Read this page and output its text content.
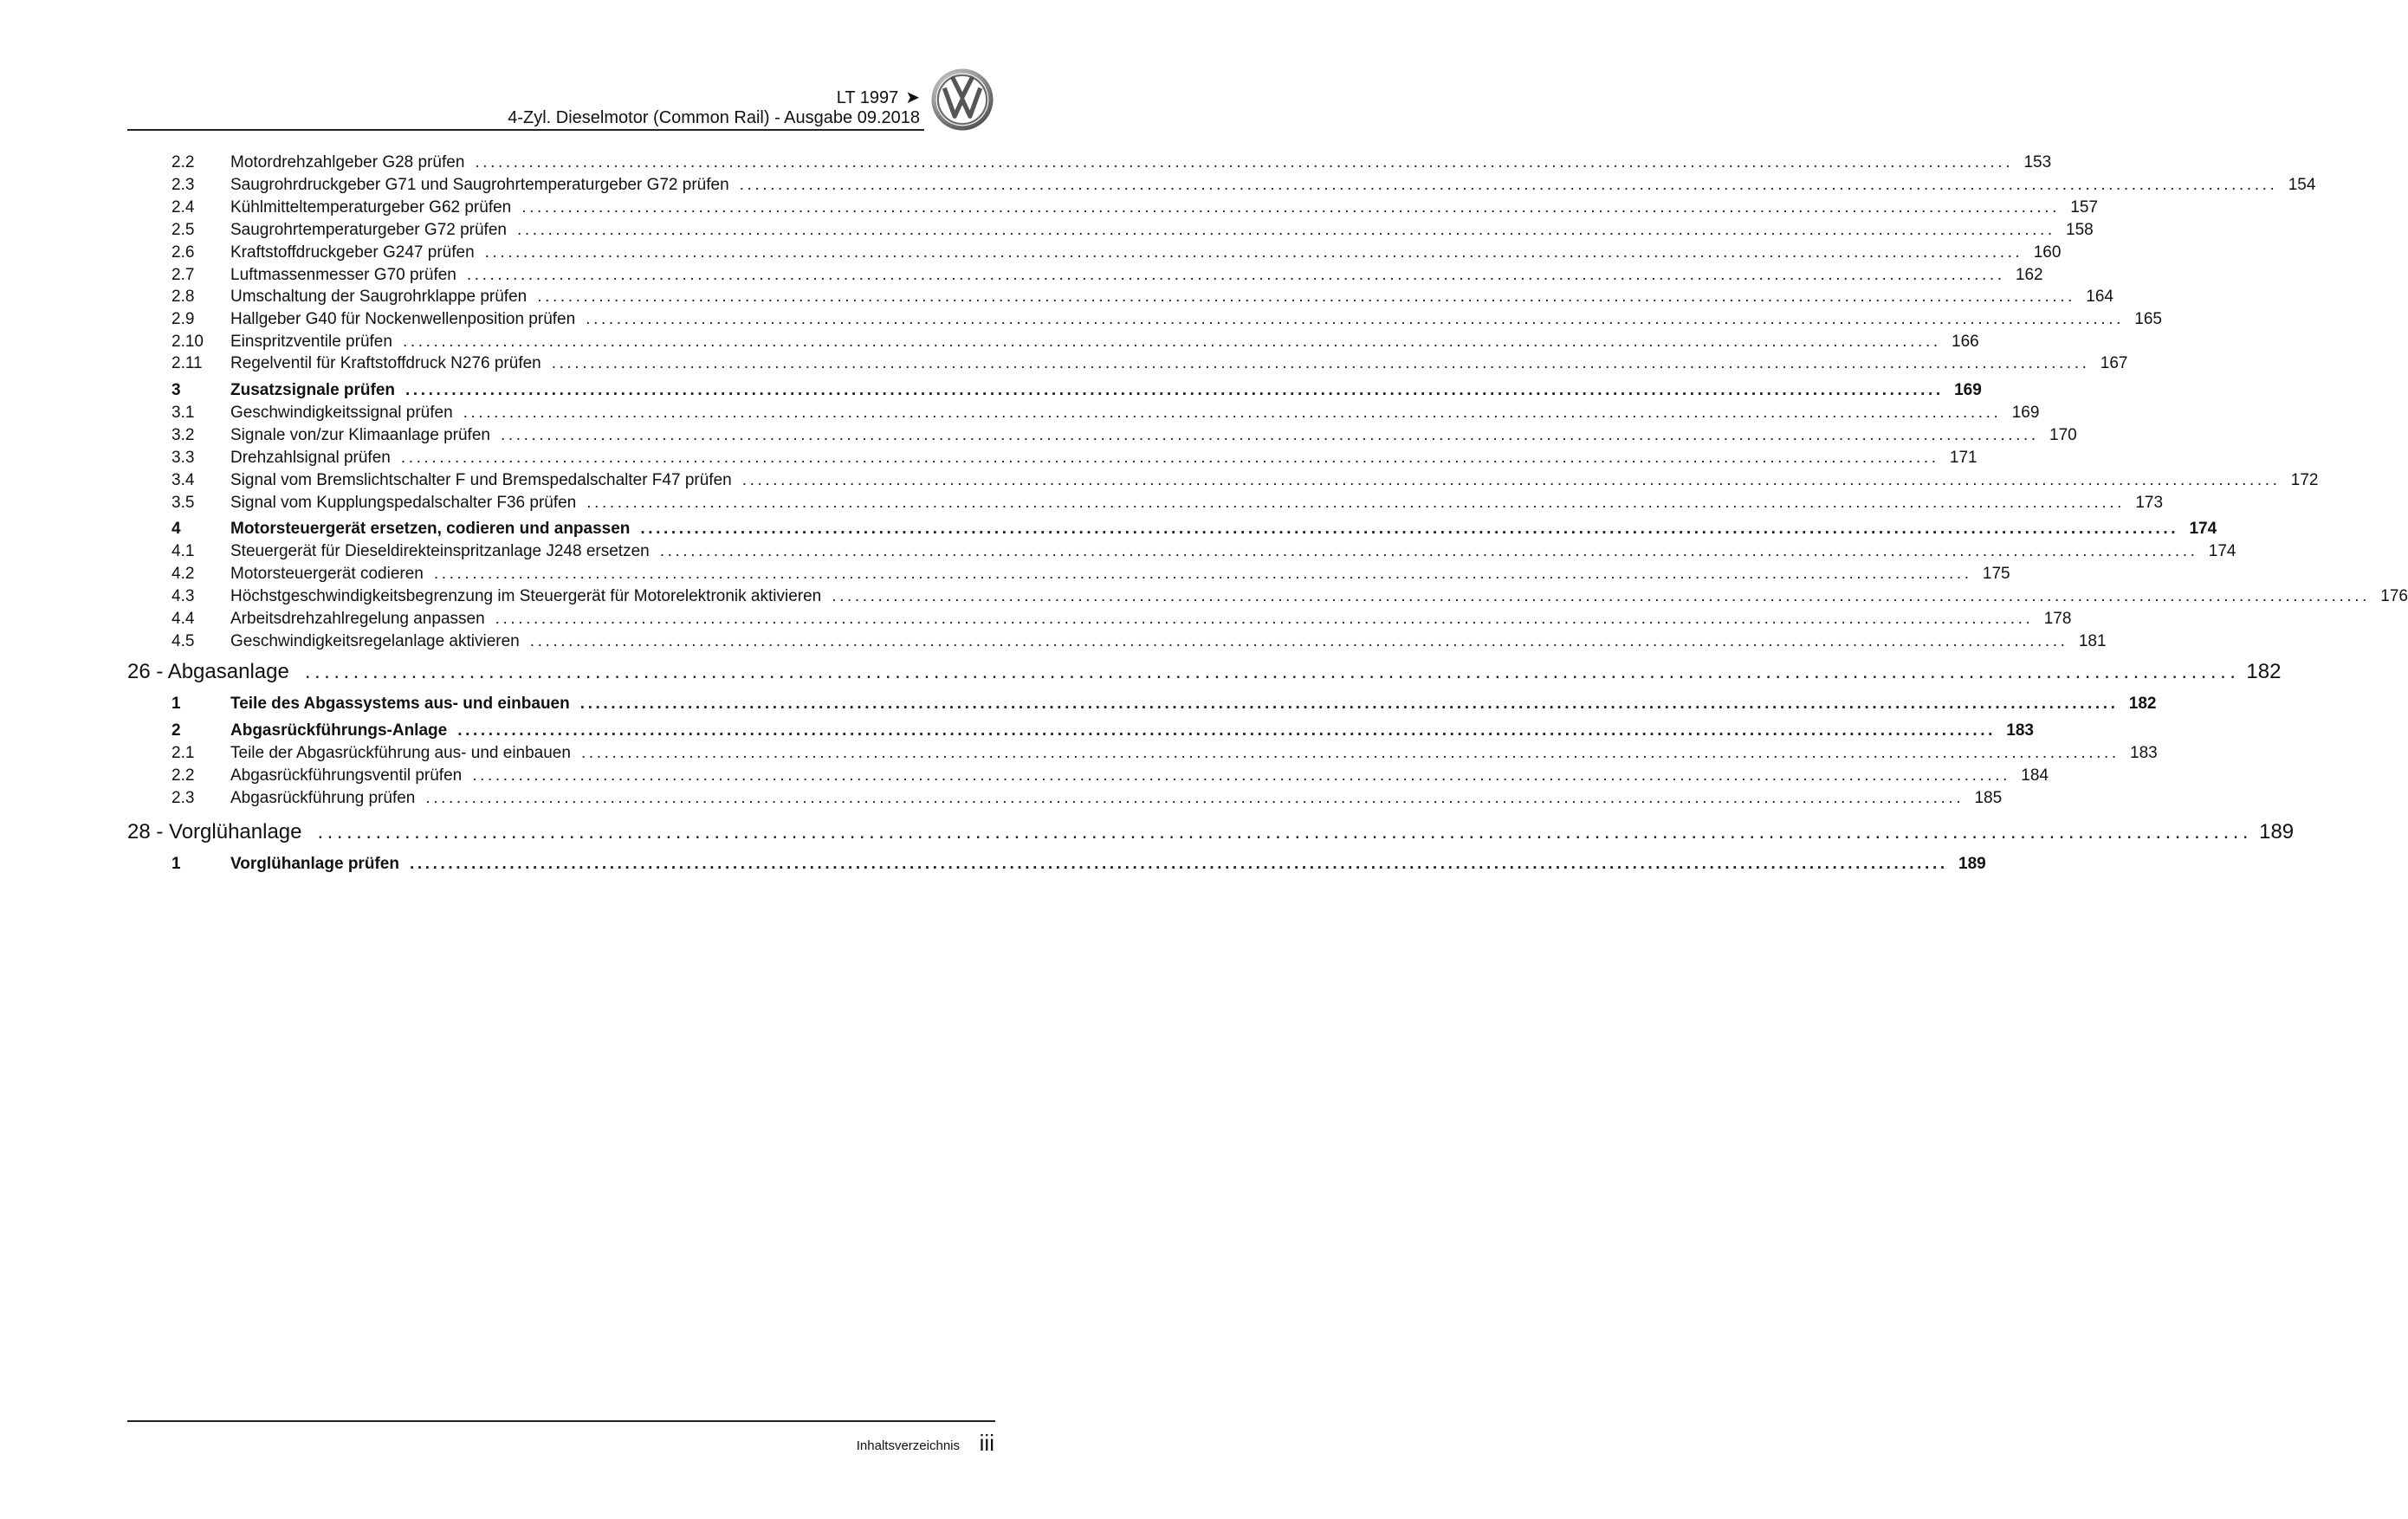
LT 1997 ➤
4-Zyl. Dieselmotor (Common Rail) - Ausgabe 09.2018
2.2 Motordrehzahlgeber G28 prüfen ........................................................................................................................................................................................................ 153
2.3 Saugrohrdruckgeber G71 und Saugrohrtemperaturgeber G72 prüfen ........................................................................................................................................................................................................ 154
2.4 Kühlmitteltemperaturgeber G62 prüfen ........................................................................................................................................................................................................ 157
2.5 Saugrohrtemperaturgeber G72 prüfen ........................................................................................................................................................................................................ 158
2.6 Kraftstoffdruckgeber G247 prüfen ........................................................................................................................................................................................................ 160
2.7 Luftmassenmesser G70 prüfen ........................................................................................................................................................................................................ 162
2.8 Umschaltung der Saugrohrklappe prüfen ........................................................................................................................................................................................................ 164
2.9 Hallgeber G40 für Nockenwellenposition prüfen ........................................................................................................................................................................................................ 165
2.10 Einspritzventile prüfen ........................................................................................................................................................................................................ 166
2.11 Regelventil für Kraftstoffdruck N276 prüfen ........................................................................................................................................................................................................ 167
3	Zusatzsignale prüfen ........................................................................................................................................................................................................ 169
3.1 Geschwindigkeitssignal prüfen ........................................................................................................................................................................................................ 169
3.2 Signale von/zur Klimaanlage prüfen ........................................................................................................................................................................................................ 170
3.3 Drehzahlsignal prüfen ........................................................................................................................................................................................................ 171
3.4 Signal vom Bremslichtschalter F und Bremspedalschalter F47 prüfen ........................................................................................................................................................................................................ 172
3.5 Signal vom Kupplungspedalschalter F36 prüfen ........................................................................................................................................................................................................ 173
4	Motorsteuergerät ersetzen, codieren und anpassen ........................................................................................................................................................................................................ 174
4.1 Steuergerät für Dieseldirekteinspritzanlage J248 ersetzen ........................................................................................................................................................................................................ 174
4.2 Motorsteuergerät codieren ........................................................................................................................................................................................................ 175
4.3 Höchstgeschwindigkeitsbegrenzung im Steuergerät für Motorelektronik aktivieren ........................................................................................................................................................................................................ 176
4.4 Arbeitsdrehzahlregelung anpassen ........................................................................................................................................................................................................ 178
4.5 Geschwindigkeitsregelanlage aktivieren ........................................................................................................................................................................................................ 181
26 - Abgasanlage ........................................................................................................................................................................................................ 182
1	Teile des Abgassystems aus- und einbauen ........................................................................................................................................................................................................ 182
2	Abgasrückführungs-Anlage ........................................................................................................................................................................................................ 183
2.1 Teile der Abgasrückführung aus- und einbauen ........................................................................................................................................................................................................ 183
2.2 Abgasrückführungsventil prüfen ........................................................................................................................................................................................................ 184
2.3 Abgasrückführung prüfen ........................................................................................................................................................................................................ 185
28 - Vorglühanlage ........................................................................................................................................................................................................ 189
1	Vorglühanlage prüfen ........................................................................................................................................................................................................ 189
Inhaltsverzeichnis iii
